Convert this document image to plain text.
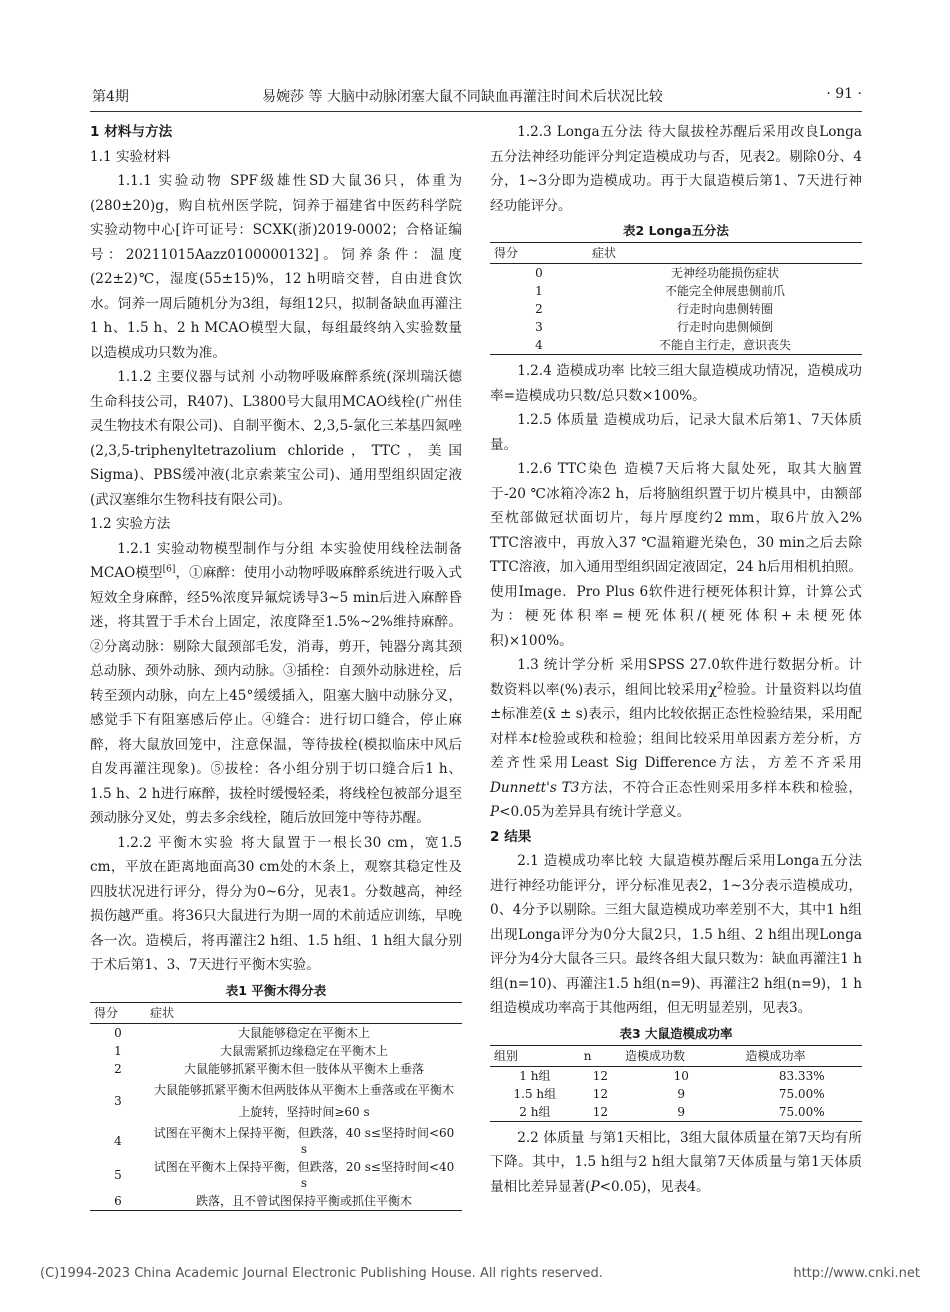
第4期	易婉莎 等 大脑中动脉闭塞大鼠不同缺血再灌注时间术后状况比较	· 91 ·

1 材料与方法

1.1 实验材料

1.1.1 实验动物 SPF级雄性SD大鼠36只，体重为(280±20)g，购自杭州医学院，饲养于福建省中医药科学院实验动物中心[许可证号：SCXK(浙)2019-0002；合格证编号：20211015Aazz0100000132]。饲养条件：温度(22±2)℃，湿度(55±15)%，12 h明暗交替，自由进食饮水。饲养一周后随机分为3组，每组12只，拟制备缺血再灌注1 h、1.5 h、2 h MCAO模型大鼠，每组最终纳入实验数量以造模成功只数为准。

1.1.2 主要仪器与试剂 小动物呼吸麻醉系统(深圳瑞沃德生命科技公司，R407)、L3800号大鼠用MCAO线栓(广州佳灵生物技术有限公司)、自制平衡木、2,3,5-氯化三苯基四氮唑(2,3,5-triphenyltetrazolium chloride，TTC，美国Sigma)、PBS缓冲液(北京索莱宝公司)、通用型组织固定液(武汉塞维尔生物科技有限公司)。

1.2 实验方法

1.2.1 实验动物模型制作与分组 本实验使用线栓法制备MCAO模型[6]，①麻醉：使用小动物呼吸麻醉系统进行吸入式短效全身麻醉，经5%浓度异氟烷诱导3~5 min后进入麻醉昏迷，将其置于手术台上固定，浓度降至1.5%~2%维持麻醉。②分离动脉：剔除大鼠颈部毛发，消毒，剪开，钝器分离其颈总动脉、颈外动脉、颈内动脉。③插栓：自颈外动脉进栓，后转至颈内动脉，向左上45°缓缓插入，阻塞大脑中动脉分叉，感觉手下有阻塞感后停止。④缝合：进行切口缝合，停止麻醉，将大鼠放回笼中，注意保温，等待拔栓(模拟临床中风后自发再灌注现象)。⑤拔栓：各小组分别于切口缝合后1 h、1.5 h、2 h进行麻醉，拔栓时缓慢轻柔，将线栓包被部分退至颈动脉分叉处，剪去多余线栓，随后放回笼中等待苏醒。

1.2.2 平衡木实验 将大鼠置于一根长30 cm，宽1.5 cm，平放在距离地面高30 cm处的木条上，观察其稳定性及四肢状况进行评分，得分为0~6分，见表1。分数越高，神经损伤越严重。将36只大鼠进行为期一周的术前适应训练，早晚各一次。造模后，将再灌注2 h组、1.5 h组、1 h组大鼠分别于术后第1、3、7天进行平衡木实验。

表1 平衡木得分表
得分	症状
0	大鼠能够稳定在平衡木上
1	大鼠需紧抓边缘稳定在平衡木上
2	大鼠能够抓紧平衡木但一肢体从平衡木上垂落
3	大鼠能够抓紧平衡木但两肢体从平衡木上垂落或在平衡木上旋转，坚持时间≥60 s
4	试图在平衡木上保持平衡，但跌落，40 s≤坚持时间<60 s
5	试图在平衡木上保持平衡，但跌落，20 s≤坚持时间<40 s
6	跌落，且不曾试图保持平衡或抓住平衡木

1.2.3 Longa五分法 待大鼠拔栓苏醒后采用改良Longa五分法神经功能评分判定造模成功与否，见表2。剔除0分、4分，1~3分即为造模成功。再于大鼠造模后第1、7天进行神经功能评分。

表2 Longa五分法
得分	症状
0	无神经功能损伤症状
1	不能完全伸展患侧前爪
2	行走时向患侧转圈
3	行走时向患侧倾倒
4	不能自主行走，意识丧失

1.2.4 造模成功率 比较三组大鼠造模成功情况，造模成功率=造模成功只数/总只数×100%。

1.2.5 体质量 造模成功后，记录大鼠术后第1、7天体质量。

1.2.6 TTC染色 造模7天后将大鼠处死，取其大脑置于-20 ℃冰箱冷冻2 h，后将脑组织置于切片模具中，由额部至枕部做冠状面切片，每片厚度约2 mm，取6片放入2% TTC溶液中，再放入37 ℃温箱避光染色，30 min之后去除TTC溶液，加入通用型组织固定液固定，24 h后用相机拍照。使用Image．Pro Plus 6软件进行梗死体积计算，计算公式为：梗死体积率=梗死体积/(梗死体积+未梗死体积)×100%。

1.3 统计学分析 采用SPSS 27.0软件进行数据分析。计数资料以率(%)表示，组间比较采用$\chi^2$检验。计量资料以均值±标准差(x̄ ± s)表示，组内比较依据正态性检验结果，采用配对样本t检验或秩和检验；组间比较采用单因素方差分析，方差齐性采用Least Sig Difference方法，方差不齐采用Dunnett's T3方法，不符合正态性则采用多样本秩和检验，P<0.05为差异具有统计学意义。

2 结果

2.1 造模成功率比较 大鼠造模苏醒后采用Longa五分法进行神经功能评分，评分标准见表2，1~3分表示造模成功，0、4分予以剔除。三组大鼠造模成功率差别不大，其中1 h组出现Longa评分为0分大鼠2只，1.5 h组、2 h组出现Longa评分为4分大鼠各三只。最终各组大鼠只数为：缺血再灌注1 h组(n=10)、再灌注1.5 h组(n=9)、再灌注2 h组(n=9)，1 h组造模成功率高于其他两组，但无明显差别，见表3。

表3 大鼠造模成功率
组别	n	造模成功数	造模成功率
1 h组	12	10	83.33%
1.5 h组	12	9	75.00%
2 h组	12	9	75.00%

2.2 体质量 与第1天相比，3组大鼠体质量在第7天均有所下降。其中，1.5 h组与2 h组大鼠第7天体质量与第1天体质量相比差异显著(P<0.05)，见表4。

(C)1994-2023 China Academic Journal Electronic Publishing House. All rights reserved.	http://www.cnki.net
